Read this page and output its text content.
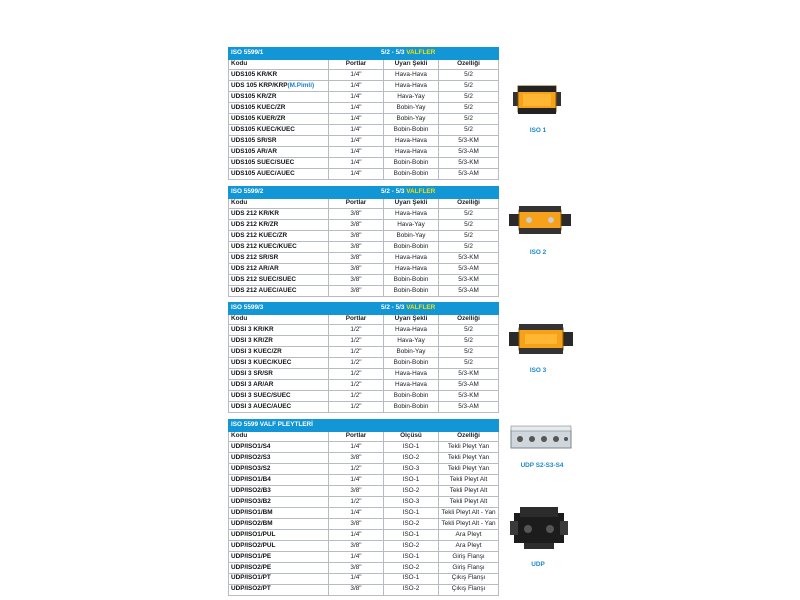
ISO 5599/1	5/2 - 5/3 VALFLER		
Kodu	Portlar	Uyarı Şekli	Özelliği
UDS105 KR/KR	1/4"	Hava-Hava	5/2
UDS 105 KRP/KRP(M.Pimli)	1/4"	Hava-Hava	5/2
UDS105 KR/ZR	1/4"	Hava-Yay	5/2
UDS105 KUEC/ZR	1/4"	Bobin-Yay	5/2
UDS105 KUER/ZR	1/4"	Bobin-Yay	5/2
UDS105 KUEC/KUEC	1/4"	Bobin-Bobin	5/2
UDS105 SR/SR	1/4"	Hava-Hava	5/3-KM
UDS105 AR/AR	1/4"	Hava-Hava	5/3-AM
UDS105 SUEC/SUEC	1/4"	Bobin-Bobin	5/3-KM
UDS105 AUEC/AUEC	1/4"	Bobin-Bobin	5/3-AM
ISO 5599/2	5/2 - 5/3 VALFLER		
Kodu	Portlar	Uyarı Şekli	Özelliği
UDS 212 KR/KR	3/8"	Hava-Hava	5/2
UDS 212 KR/ZR	3/8"	Hava-Yay	5/2
UDS 212 KUEC/ZR	3/8"	Bobin-Yay	5/2
UDS 212 KUEC/KUEC	3/8"	Bobin-Bobin	5/2
UDS 212 SR/SR	3/8"	Hava-Hava	5/3-KM
UDS 212 AR/AR	3/8"	Hava-Hava	5/3-AM
UDS 212 SUEC/SUEC	3/8"	Bobin-Bobin	5/3-KM
UDS 212 AUEC/AUEC	3/8"	Bobin-Bobin	5/3-AM
ISO 5599/3	5/2 - 5/3 VALFLER		
Kodu	Portlar	Uyarı Şekli	Özelliği
UDSI 3 KR/KR	1/2"	Hava-Hava	5/2
UDSI 3 KR/ZR	1/2"	Hava-Yay	5/2
UDSI 3 KUEC/ZR	1/2"	Bobin-Yay	5/2
UDSI 3 KUEC/KUEC	1/2"	Bobin-Bobin	5/2
UDSI 3 SR/SR	1/2"	Hava-Hava	5/3-KM
UDSI 3 AR/AR	1/2"	Hava-Hava	5/3-AM
UDSI 3 SUEC/SUEC	1/2"	Bobin-Bobin	5/3-KM
UDSI 3 AUEC/AUEC	1/2"	Bobin-Bobin	5/3-AM
ISO 5599 VALF PLEYTLERİ			
Kodu	Portlar	Ölçüsü	Özelliği
UDP/ISO1/S4	1/4"	ISO-1	Tekli Pleyt Yan
UDP/ISO2/S3	3/8"	ISO-2	Tekli Pleyt Yan
UDP/ISO3/S2	1/2"	ISO-3	Tekli Pleyt Yan
UDP/ISO1/B4	1/4"	ISO-1	Tekli Pleyt Alt
UDP/ISO2/B3	3/8"	ISO-2	Tekli Pleyt Alt
UDP/ISO3/B2	1/2"	ISO-3	Tekli Pleyt Alt
UDP/ISO1/BM	1/4"	ISO-1	Tekli Pleyt Alt - Yan
UDP/ISO2/BM	3/8"	ISO-2	Tekli Pleyt Alt - Yan
UDP/ISO1/PUL	1/4"	ISO-1	Ara Pleyt
UDP/ISO2/PUL	3/8"	ISO-2	Ara Pleyt
UDP/ISO1/PE	1/4"	ISO-1	Giriş Flanşı
UDP/ISO2/PE	3/8"	ISO-2	Giriş Flanşı
UDP/ISO1/PT	1/4"	ISO-1	Çıkış Flanşı
UDP/ISO2/PT	3/8"	ISO-2	Çıkış Flanşı
ISO 1
ISO 2
ISO 3
UDP S2-S3-S4
UDP
